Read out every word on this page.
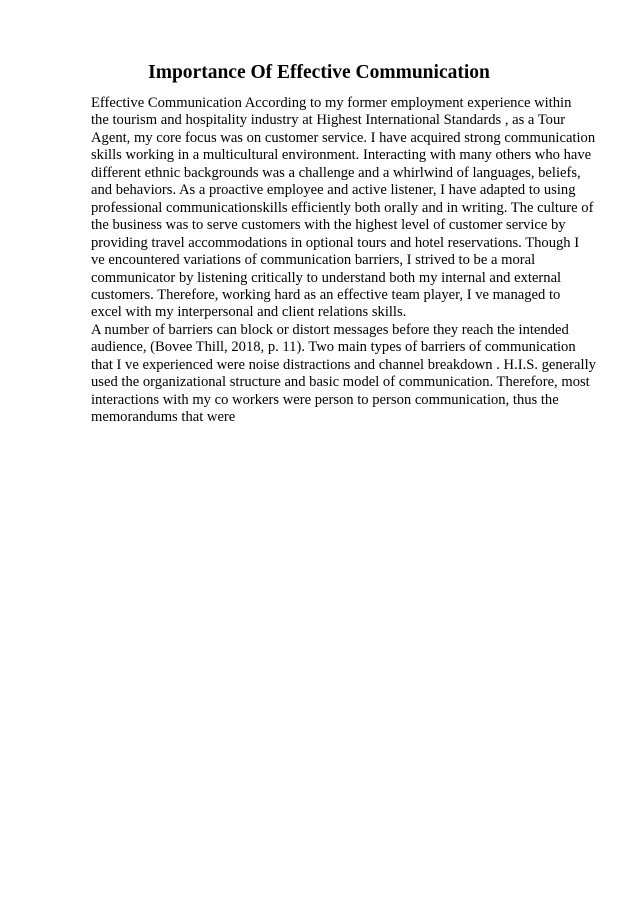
Importance Of Effective Communication
Effective Communication According to my former employment experience within
the tourism and hospitality industry at Highest International Standards , as a Tour
Agent, my core focus was on customer service. I have acquired strong communication
skills working in a multicultural environment. Interacting with many others who have
different ethnic backgrounds was a challenge and a whirlwind of languages, beliefs,
and behaviors. As a proactive employee and active listener, I have adapted to using
professional communicationskills efficiently both orally and in writing. The culture of
the business was to serve customers with the highest level of customer service by
providing travel accommodations in optional tours and hotel reservations. Though I
ve encountered variations of communication barriers, I strived to be a moral
communicator by listening critically to understand both my internal and external
customers. Therefore, working hard as an effective team player, I ve managed to
excel with my interpersonal and client relations skills.
A number of barriers can block or distort messages before they reach the intended
audience, (Bovee Thill, 2018, p. 11). Two main types of barriers of communication
that I ve experienced were noise distractions and channel breakdown . H.I.S. generally
used the organizational structure and basic model of communication. Therefore, most
interactions with my co workers were person to person communication, thus the
memorandums that were
